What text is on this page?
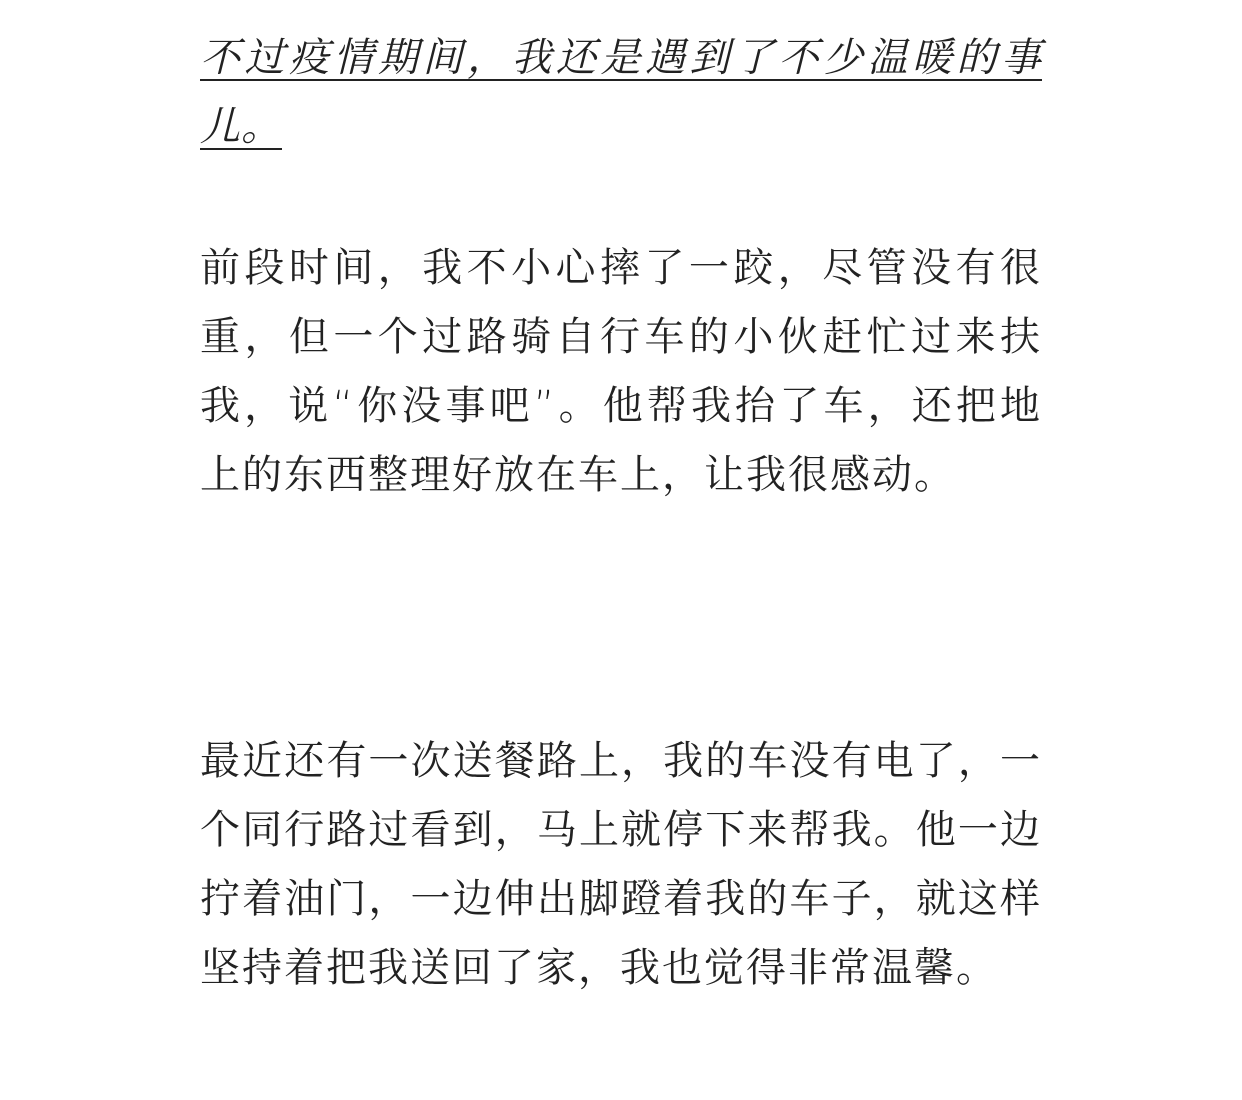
不过疫情期间，我还是遇到了不少温暖的事儿。

前段时间，我不小心摔了一跤，尽管没有很重，但一个过路骑自行车的小伙赶忙过来扶我，说“你没事吧”。他帮我抬了车，还把地上的东西整理好放在车上，让我很感动。

最近还有一次送餐路上，我的车没有电了，一个同行路过看到，马上就停下来帮我。他一边拧着油门，一边伸出脚蹬着我的车子，就这样坚持着把我送回了家，我也觉得非常温馨。
